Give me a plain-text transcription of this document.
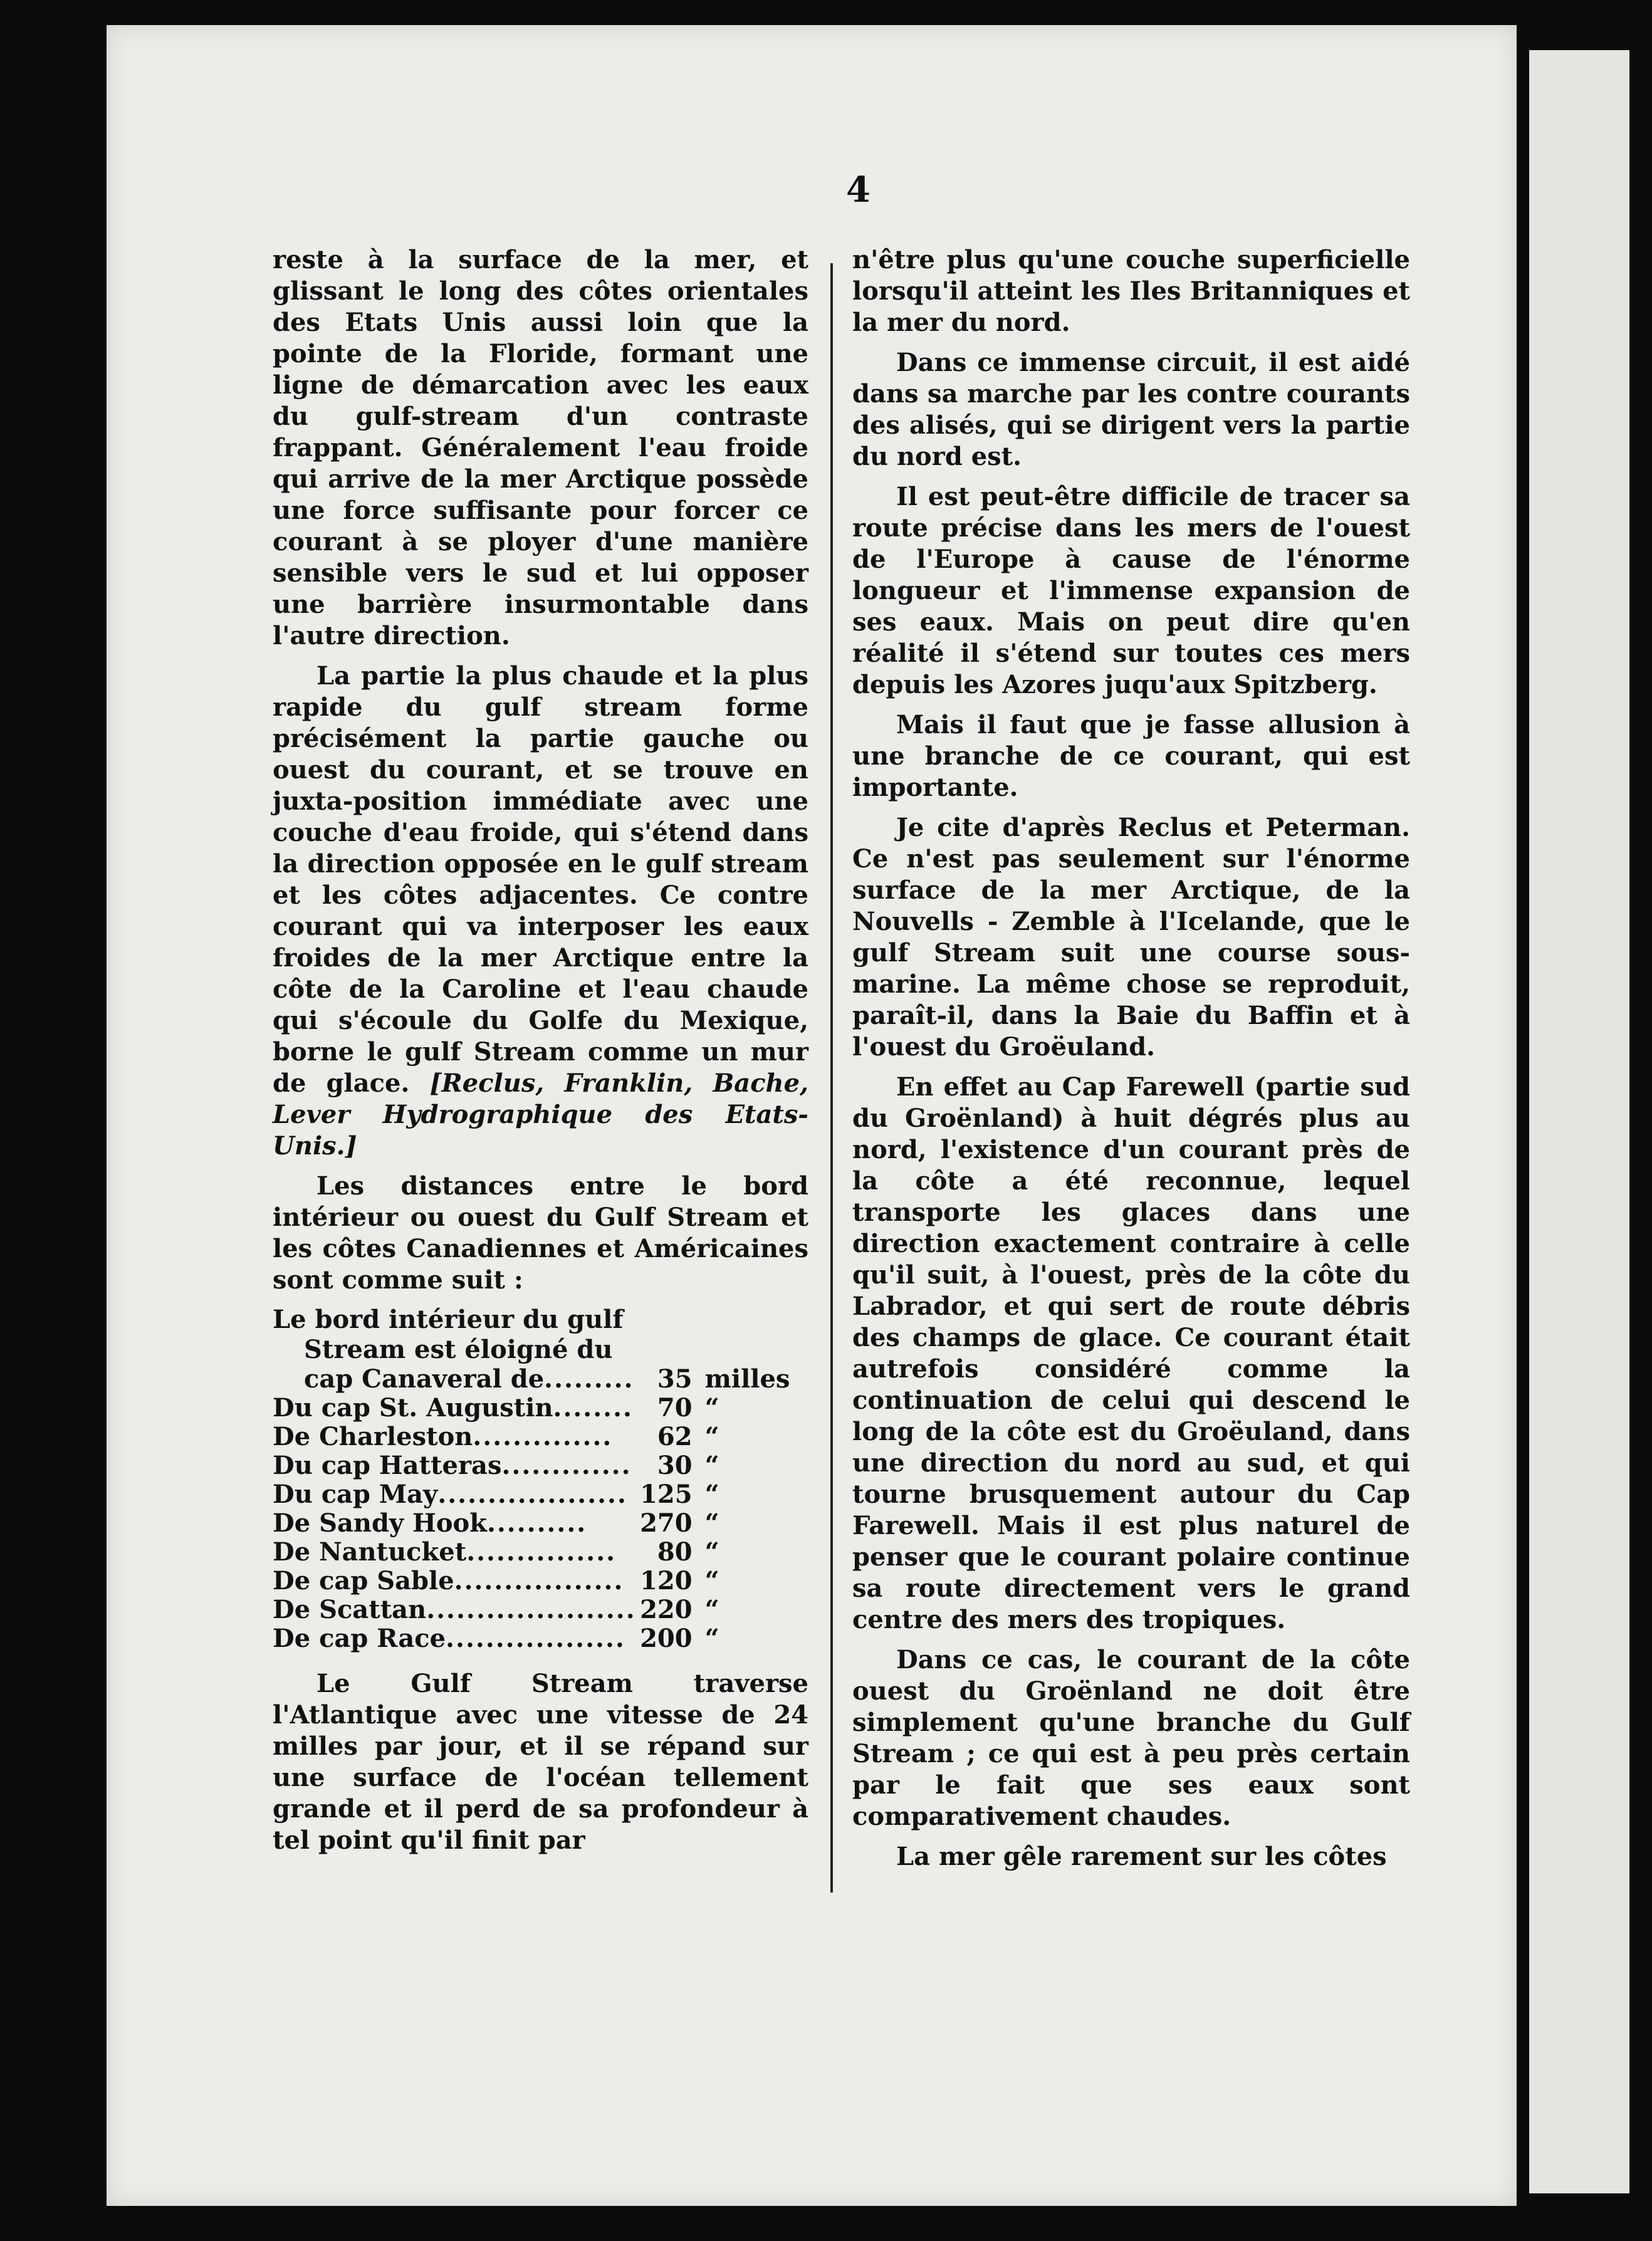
4

reste à la surface de la mer, et glissant le long des côtes orientales des Etats Unis aussi loin que la pointe de la Floride, formant une ligne de démarcation avec les eaux du gulf-stream d'un contraste frappant. Généralement l'eau froide qui arrive de la mer Arctique possède une force suffisante pour forcer ce courant à se ployer d'une manière sensible vers le sud et lui opposer une barrière insurmontable dans l'autre direction.

La partie la plus chaude et la plus rapide du gulf stream forme précisément la partie gauche ou ouest du courant, et se trouve en juxta-position immédiate avec une couche d'eau froide, qui s'étend dans la direction opposée en le gulf stream et les côtes adjacentes. Ce contre courant qui va interposer les eaux froides de la mer Arctique entre la côte de la Caroline et l'eau chaude qui s'écoule du Golfe du Mexique, borne le gulf Stream comme un mur de glace. [Reclus, Franklin, Bache, Lever Hydrographique des Etats-Unis.]

Les distances entre le bord intérieur ou ouest du Gulf Stream et les côtes Canadiennes et Américaines sont comme suit :

Le bord intérieur du gulf		
Stream est éloigné du		
cap Canaveral de.........	35	milles
Du cap St. Augustin........	70	“
De Charleston..............	62	“
Du cap Hatteras.............	30	“
Du cap May...................	125	“
De Sandy Hook..........	270	“
De Nantucket...............	80	“
De cap Sable.................	120	“
De Scattan.....................	220	“
De cap Race..................	200	“

Le Gulf Stream traverse l'Atlantique avec une vitesse de 24 milles par jour, et il se répand sur une surface de l'océan tellement grande et il perd de sa profondeur à tel point qu'il finit par

n'être plus qu'une couche superficielle lorsqu'il atteint les Iles Britanniques et la mer du nord.

Dans ce immense circuit, il est aidé dans sa marche par les contre courants des alisés, qui se dirigent vers la partie du nord est.

Il est peut-être difficile de tracer sa route précise dans les mers de l'ouest de l'Europe à cause de l'énorme longueur et l'immense expansion de ses eaux. Mais on peut dire qu'en réalité il s'étend sur toutes ces mers depuis les Azores juqu'aux Spitzberg.

Mais il faut que je fasse allusion à une branche de ce courant, qui est importante.

Je cite d'après Reclus et Peterman. Ce n'est pas seulement sur l'énorme surface de la mer Arctique, de la Nouvells - Zemble à l'Icelande, que le gulf Stream suit une course sous-marine. La même chose se reproduit, paraît-il, dans la Baie du Baffin et à l'ouest du Groëuland.

En effet au Cap Farewell (partie sud du Groënland) à huit dégrés plus au nord, l'existence d'un courant près de la côte a été reconnue, lequel transporte les glaces dans une direction exactement contraire à celle qu'il suit, à l'ouest, près de la côte du Labrador, et qui sert de route débris des champs de glace. Ce courant était autrefois considéré comme la continuation de celui qui descend le long de la côte est du Groëuland, dans une direction du nord au sud, et qui tourne brusquement autour du Cap Farewell. Mais il est plus naturel de penser que le courant polaire continue sa route directement vers le grand centre des mers des tropiques.

Dans ce cas, le courant de la côte ouest du Groënland ne doit être simplement qu'une branche du Gulf Stream ; ce qui est à peu près certain par le fait que ses eaux sont comparativement chaudes.

La mer gêle rarement sur les côtes
